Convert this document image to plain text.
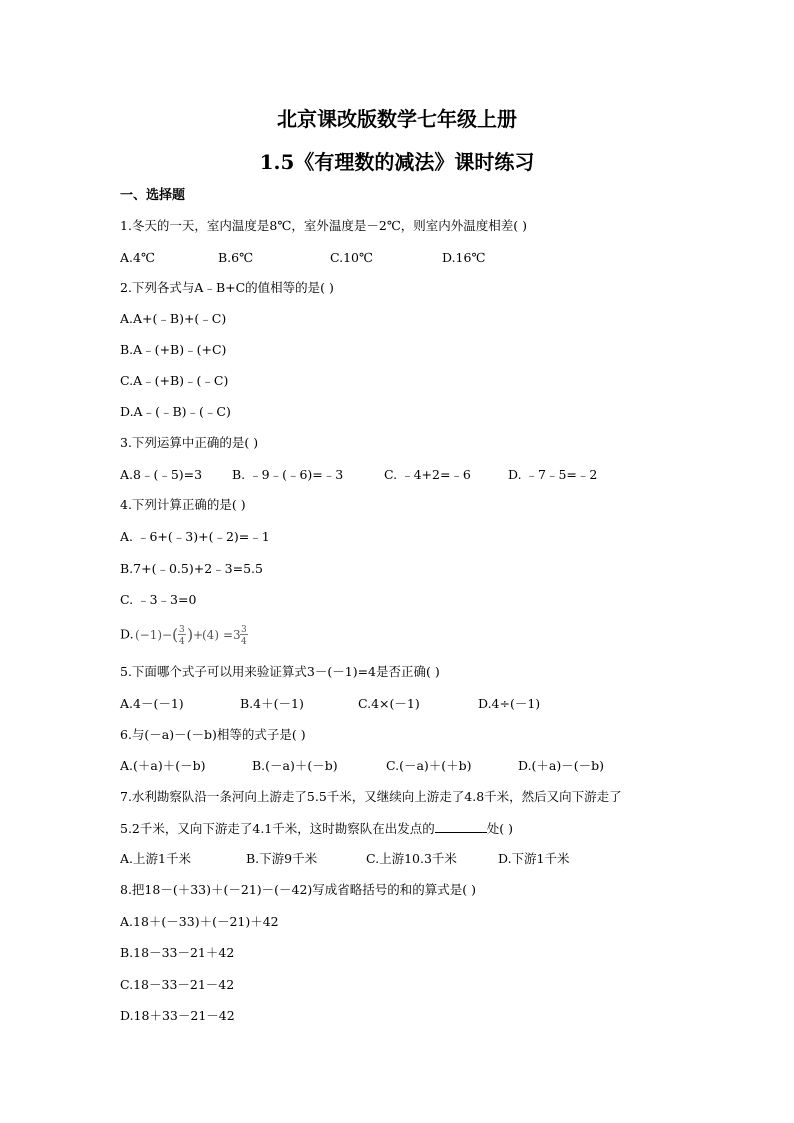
北京课改版数学七年级上册
1.5《有理数的减法》课时练习
一、选择题
1.冬天的一天，室内温度是8℃，室外温度是－2℃，则室内外温度相差( )
A.4℃	B.6℃	C.10℃	D.16℃
2.下列各式与A﹣B+C的值相等的是( )
A.A+(﹣B)+(﹣C)
B.A﹣(+B)﹣(+C)
C.A﹣(+B)﹣(﹣C)
D.A﹣(﹣B)﹣(﹣C)
3.下列运算中正确的是( )
A.8﹣(﹣5)=3 B. ﹣9﹣(﹣6)=﹣3	C. ﹣4+2=﹣6	D. ﹣7﹣5=﹣2
4.下列计算正确的是( )
A. ﹣6+(﹣3)+(﹣2)=﹣1
B.7+(﹣0.5)+2﹣3=5.5
C. ﹣3﹣3=0
D. (−1) − ( 3
4 ) +
(4) = 3 3
4
5.下面哪个式子可以用来验证算式3－(－1)=4是否正确( )
A.4－(－1)	B.4＋(－1)	C.4×(－1)	D.4÷(－1)
6.与(－a)－(－b)相等的式子是( )
A.(＋a)＋(－b)	B.(－a)＋(－b)	C.(－a)＋(＋b)	D.(＋a)－(－b)
7.水利勘察队沿一条河向上游走了5.5千米，又继续向上游走了4.8千米，然后又向下游走了
5.2千米，又向下游走了4.1千米，这时勘察队在出发点的	处( )
A.上游1千米	B.下游9千米	C.上游10.3千米	D.下游1千米
8.把18－(＋33)＋(－21)－(－42)写成省略括号的和的算式是( )
A.18＋(－33)＋(－21)＋42
B.18－33－21＋42
C.18－33－21－42
D.18＋33－21－42
